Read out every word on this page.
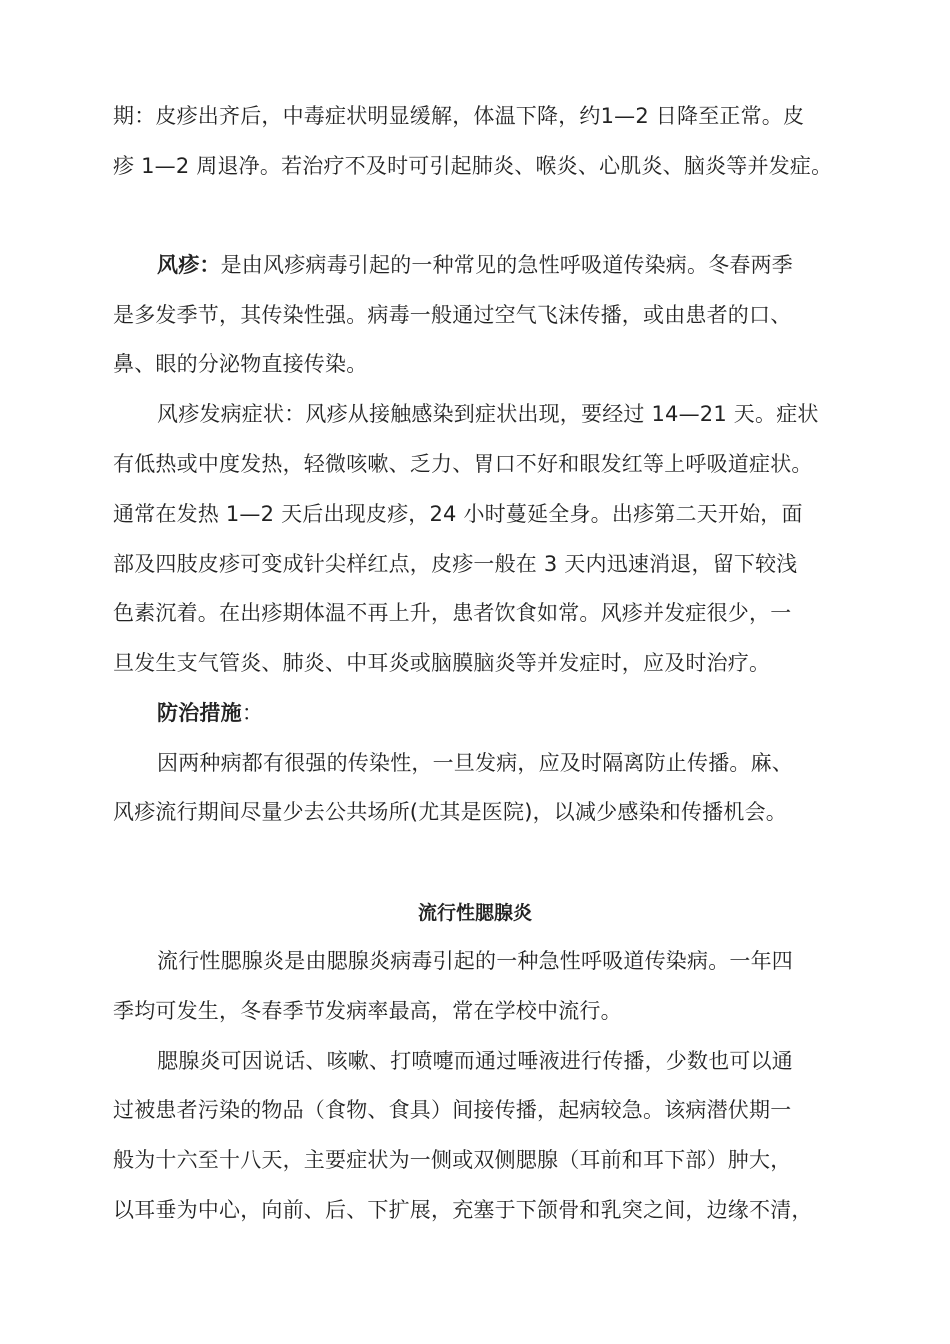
期：皮疹出齐后，中毒症状明显缓解，体温下降，约1—2 日降至正常。皮
疹 1—2 周退净。若治疗不及时可引起肺炎、喉炎、心肌炎、脑炎等并发症。
风疹：是由风疹病毒引起的一种常见的急性呼吸道传染病。冬春两季
是多发季节，其传染性强。病毒一般通过空气飞沫传播，或由患者的口、
鼻、眼的分泌物直接传染。
风疹发病症状：风疹从接触感染到症状出现，要经过 14—21 天。症状
有低热或中度发热，轻微咳嗽、乏力、胃口不好和眼发红等上呼吸道症状。
通常在发热 1—2 天后出现皮疹，24 小时蔓延全身。出疹第二天开始，面
部及四肢皮疹可变成针尖样红点，皮疹一般在 3 天内迅速消退，留下较浅
色素沉着。在出疹期体温不再上升，患者饮食如常。风疹并发症很少，一
旦发生支气管炎、肺炎、中耳炎或脑膜脑炎等并发症时，应及时治疗。
防治措施：
因两种病都有很强的传染性，一旦发病，应及时隔离防止传播。麻、
风疹流行期间尽量少去公共场所(尤其是医院)，以减少感染和传播机会。
流行性腮腺炎
流行性腮腺炎是由腮腺炎病毒引起的一种急性呼吸道传染病。一年四
季均可发生，冬春季节发病率最高，常在学校中流行。
腮腺炎可因说话、咳嗽、打喷嚏而通过唾液进行传播，少数也可以通
过被患者污染的物品（食物、食具）间接传播，起病较急。该病潜伏期一
般为十六至十八天，主要症状为一侧或双侧腮腺（耳前和耳下部）肿大，
以耳垂为中心，向前、后、下扩展，充塞于下颌骨和乳突之间，边缘不清，
